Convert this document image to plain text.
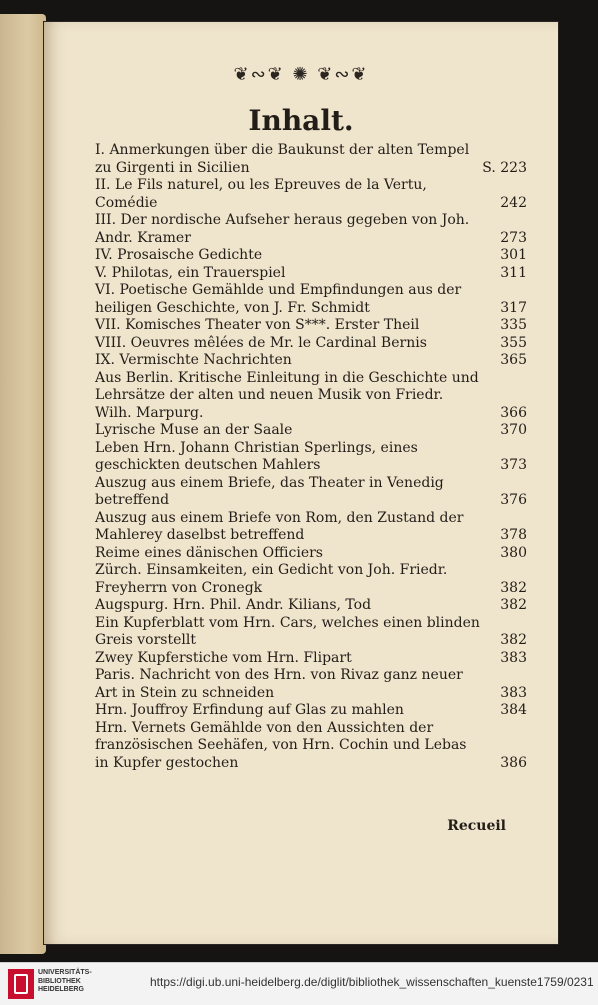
❦∾❦ ✺ ❦∾❦
Inhalt.
I. Anmerkungen über die Baukunst der alten Tempel zu Girgenti in Sicilien	S. 223
II. Le Fils naturel, ou les Epreuves de la Vertu, Comédie	242
III. Der nordische Aufseher heraus gegeben von Joh. Andr. Kramer	273
IV. Prosaische Gedichte	301
V. Philotas, ein Trauerspiel	311
VI. Poetische Gemählde und Empfindungen aus der heiligen Geschichte, von J. Fr. Schmidt	317
VII. Komisches Theater von S***. Erster Theil	335
VIII. Oeuvres mêlées de Mr. le Cardinal Bernis	355
IX. Vermischte Nachrichten	365
Aus Berlin. Kritische Einleitung in die Geschichte und Lehrsätze der alten und neuen Musik von Friedr. Wilh. Marpurg.	366
Lyrische Muse an der Saale	370
Leben Hrn. Johann Christian Sperlings, eines geschickten deutschen Mahlers	373
Auszug aus einem Briefe, das Theater in Venedig betreffend	376
Auszug aus einem Briefe von Rom, den Zustand der Mahlerey daselbst betreffend	378
Reime eines dänischen Officiers	380
Zürch. Einsamkeiten, ein Gedicht von Joh. Friedr. Freyherrn von Cronegk	382
Augspurg. Hrn. Phil. Andr. Kilians, Tod	382
Ein Kupferblatt vom Hrn. Cars, welches einen blinden Greis vorstellt	382
Zwey Kupferstiche vom Hrn. Flipart	383
Paris. Nachricht von des Hrn. von Rivaz ganz neuer Art in Stein zu schneiden	383
Hrn. Jouffroy Erfindung auf Glas zu mahlen	384
Hrn. Vernets Gemählde von den Aussichten der französischen Seehäfen, von Hrn. Cochin und Lebas in Kupfer gestochen	386
Recueil
UNIVERSITÄTS-
BIBLIOTHEK
HEIDELBERG
https://digi.ub.uni-heidelberg.de/diglit/bibliothek_wissenschaften_kuenste1759/0231
